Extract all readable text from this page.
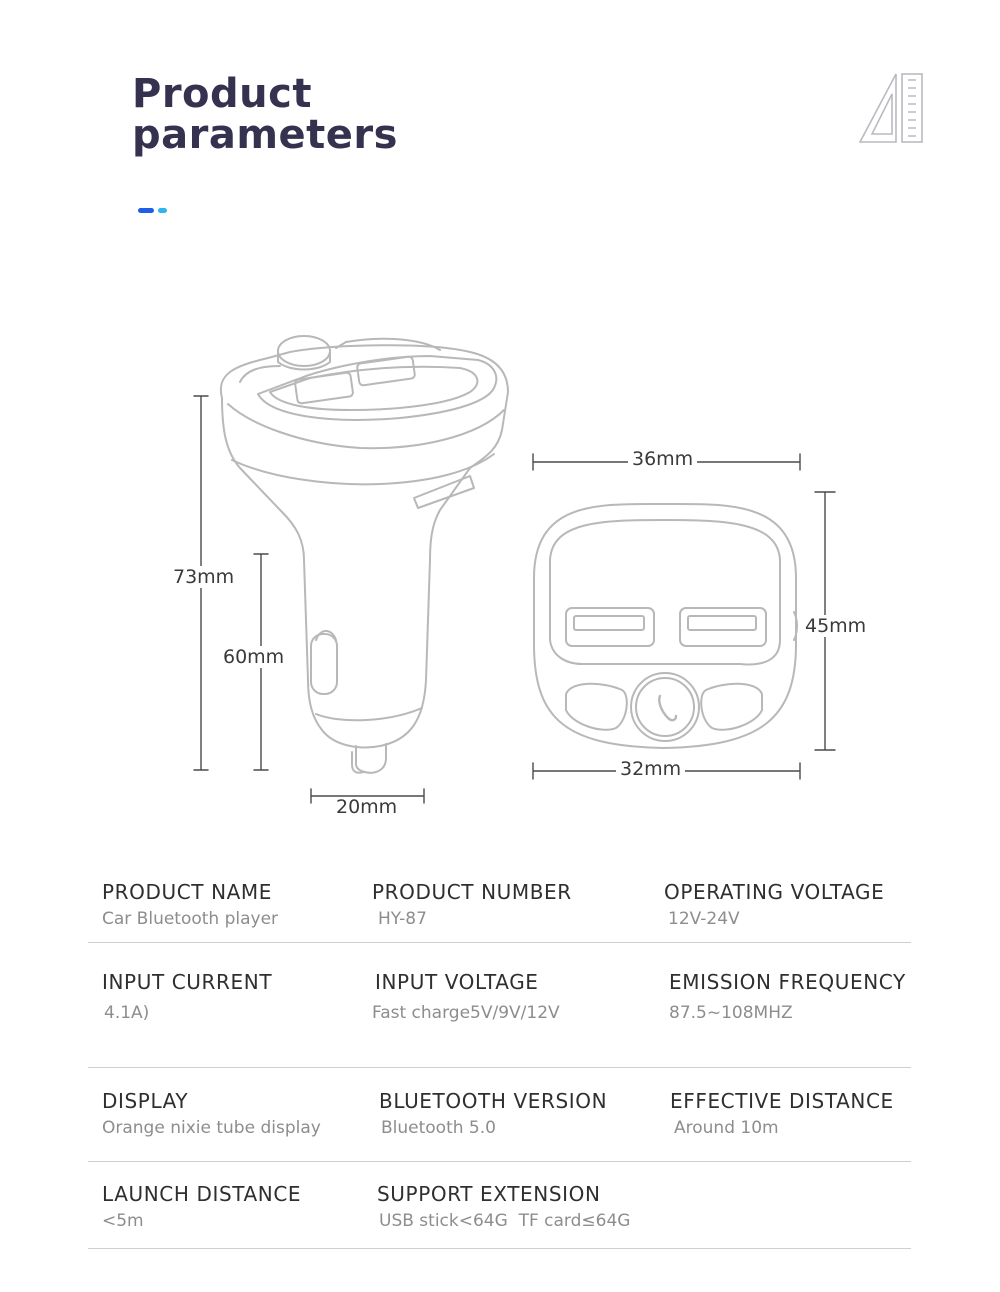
Product
parameters
73mm
60mm
20mm
36mm
32mm
45mm
PRODUCT NAME
Car Bluetooth player
PRODUCT NUMBER
HY-87
OPERATING VOLTAGE
12V-24V
INPUT CURRENT
4.1A)
INPUT VOLTAGE
Fast charge5V/9V/12V
EMISSION FREQUENCY
87.5~108MHZ
DISPLAY
Orange nixie tube display
BLUETOOTH VERSION
Bluetooth 5.0
EFFECTIVE DISTANCE
Around 10m
LAUNCH DISTANCE
<5m
SUPPORT EXTENSION
USB stick<64G  TF card≤64G
